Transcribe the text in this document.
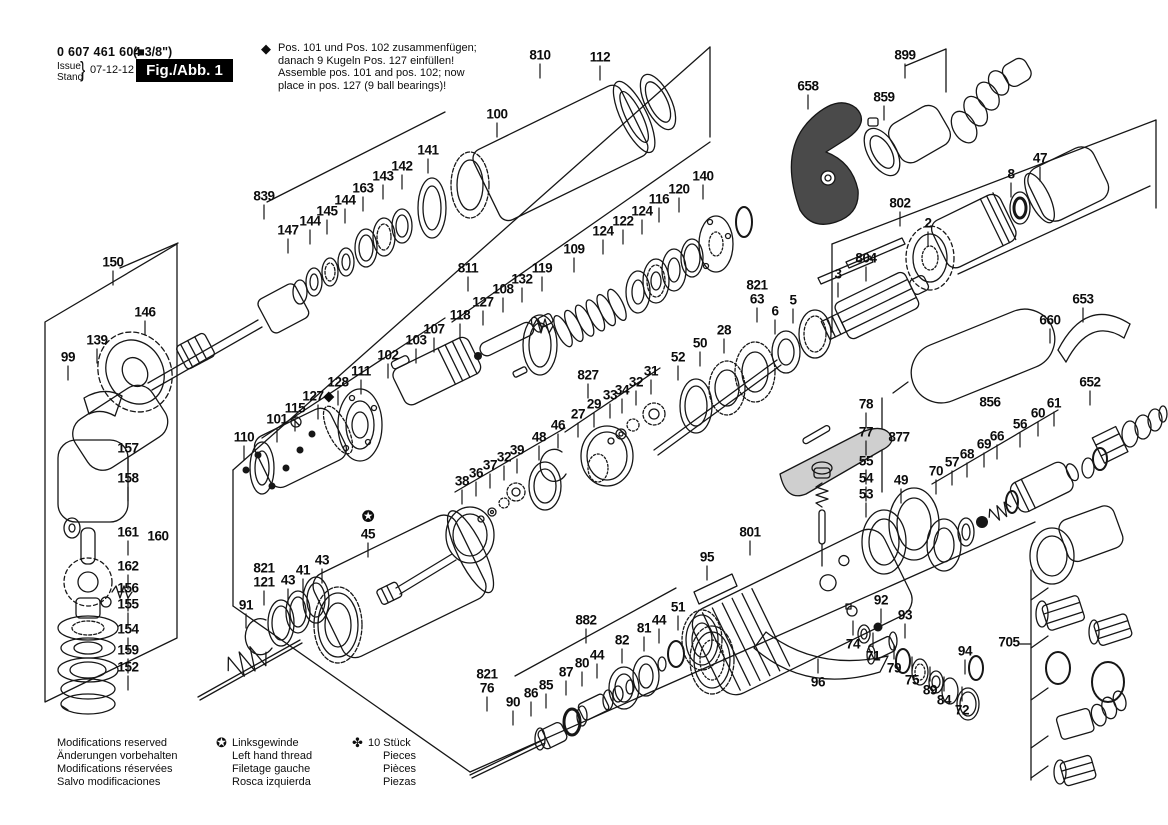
0 607 461 604
(■3/8")
Issue
Stand
} 07-12-12 Fig./Abb. 1
◆ Pos. 101 und Pos. 102 zusammenfügen;
danach 9 Kugeln Pos. 127 einfüllen!
Assemble pos. 101 and pos. 102; now
place in pos. 127 (9 ball bearings)!
Modifications reserved
Änderungen vorbehalten
Modifications réservées
Salvo modificaciones
✪ Linksgewinde
Left hand thread
Filetage gauche
Rosca izquierda
✤ 10 Stück
Pieces
Pièces
Piezas
810	112
100
899
859
658
802
2
804
3
8
47
150
146
139
99
157
158
161 160
162
156
155
154
159
152
839
147
144
145
144
163
143
142
141
811
118
127
108
132
119
109
124
122
124
116
120
140
110
101
115
127◆
128
111
102
103
107
52
50
28
31
32
34
33
29
827
27
46
48
39
32
37
36
38
821
63
6
5
78
77 877
55
54
53
49
70
57
68
69
66
56
60
61
856
652
653
660
✪
45
43
41
43
821
121
91
882
51
44
81
82
44
80
87
85
86
90
821
76
95
801
92
93
74
71
79
75
89
84
72
94
96
705
